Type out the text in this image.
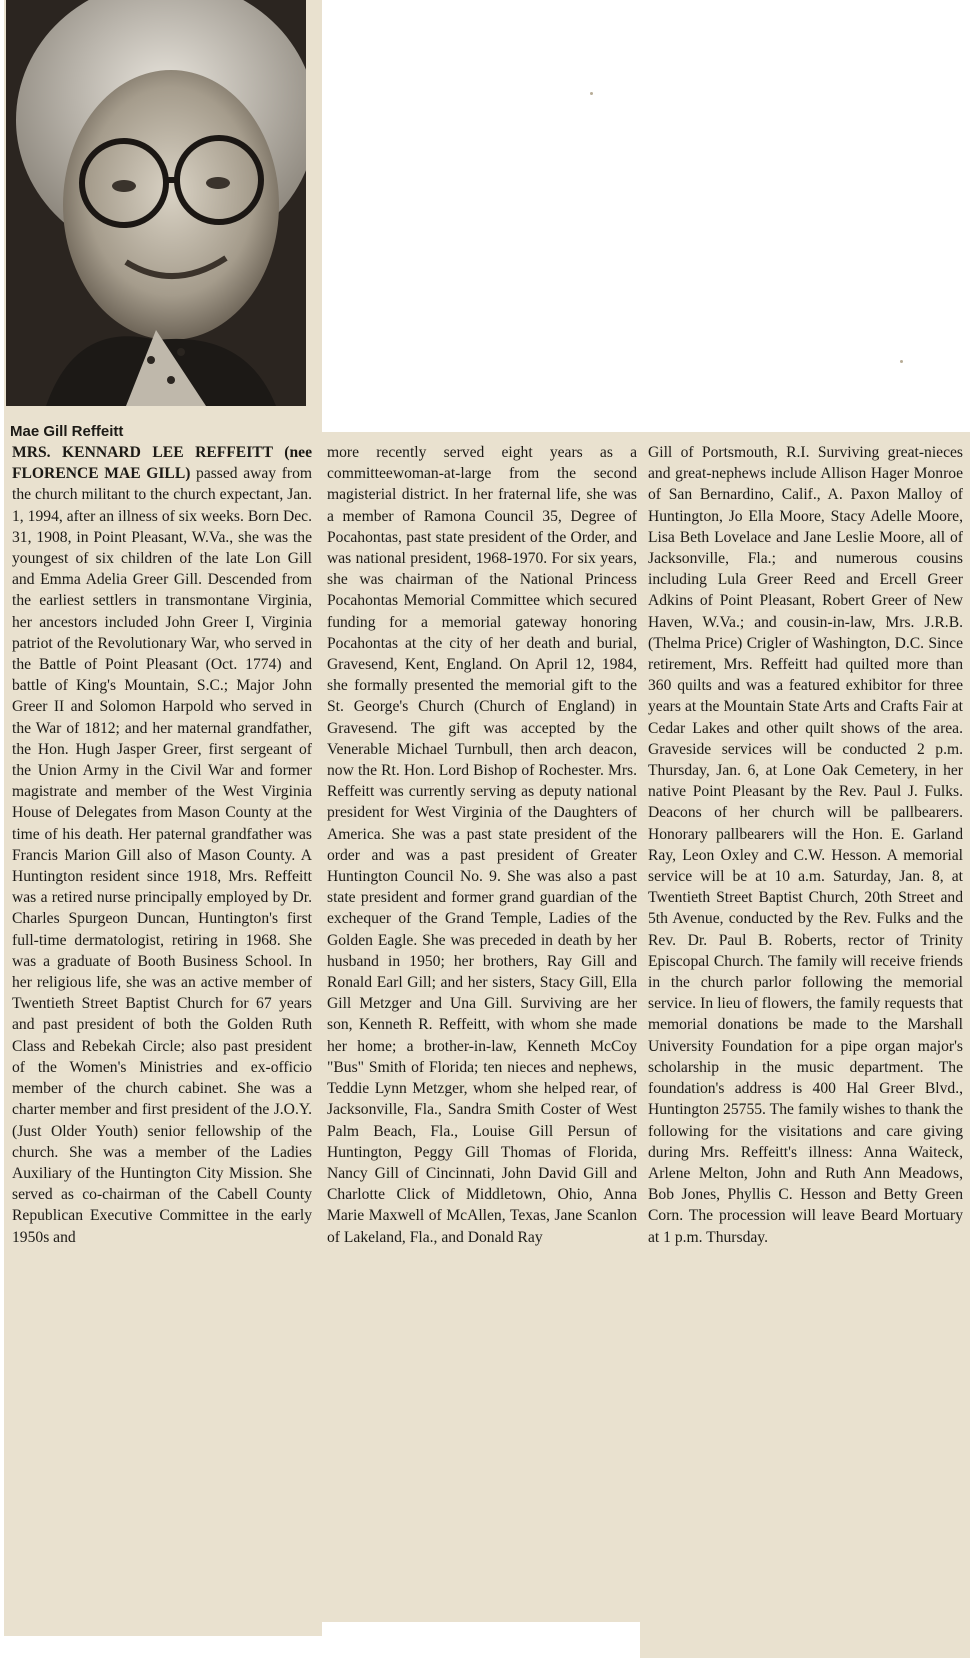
Mae Gill Reffeitt
MRS. KENNARD LEE REFFEITT (nee FLORENCE MAE GILL) passed away from the church militant to the church expectant, Jan. 1, 1994, after an illness of six weeks. Born Dec. 31, 1908, in Point Pleasant, W.Va., she was the youngest of six children of the late Lon Gill and Emma Adelia Greer Gill. Descended from the earliest settlers in transmontane Virginia, her ancestors included John Greer I, Virginia patriot of the Revolutionary War, who served in the Battle of Point Pleasant (Oct. 1774) and battle of King's Mountain, S.C.; Major John Greer II and Solomon Harpold who served in the War of 1812; and her maternal grandfather, the Hon. Hugh Jasper Greer, first sergeant of the Union Army in the Civil War and former magistrate and member of the West Virginia House of Delegates from Mason County at the time of his death. Her paternal grandfather was Francis Marion Gill also of Mason County. A Huntington resident since 1918, Mrs. Reffeitt was a retired nurse principally employed by Dr. Charles Spurgeon Duncan, Huntington's first full-time dermatologist, retiring in 1968. She was a graduate of Booth Business School. In her religious life, she was an active member of Twentieth Street Baptist Church for 67 years and past president of both the Golden Ruth Class and Rebekah Circle; also past president of the Women's Ministries and ex-officio member of the church cabinet. She was a charter member and first president of the J.O.Y. (Just Older Youth) senior fellowship of the church. She was a member of the Ladies Auxiliary of the Huntington City Mission. She served as co-chairman of the Cabell County Republican Executive Committee in the early 1950s and
more recently served eight years as a committeewoman-at-large from the second magisterial district. In her fraternal life, she was a member of Ramona Council 35, Degree of Pocahontas, past state president of the Order, and was national president, 1968-1970. For six years, she was chairman of the National Princess Pocahontas Memorial Committee which secured funding for a memorial gateway honoring Pocahontas at the city of her death and burial, Gravesend, Kent, England. On April 12, 1984, she formally presented the memorial gift to the St. George's Church (Church of England) in Gravesend. The gift was accepted by the Venerable Michael Turnbull, then arch deacon, now the Rt. Hon. Lord Bishop of Rochester. Mrs. Reffeitt was currently serving as deputy national president for West Virginia of the Daughters of America. She was a past state president of the order and was a past president of Greater Huntington Council No. 9. She was also a past state president and former grand guardian of the exchequer of the Grand Temple, Ladies of the Golden Eagle. She was preceded in death by her husband in 1950; her brothers, Ray Gill and Ronald Earl Gill; and her sisters, Stacy Gill, Ella Gill Metzger and Una Gill. Surviving are her son, Kenneth R. Reffeitt, with whom she made her home; a brother-in-law, Kenneth McCoy "Bus" Smith of Florida; ten nieces and nephews, Teddie Lynn Metzger, whom she helped rear, of Jacksonville, Fla., Sandra Smith Coster of West Palm Beach, Fla., Louise Gill Persun of Huntington, Peggy Gill Thomas of Florida, Nancy Gill of Cincinnati, John David Gill and Charlotte Click of Middletown, Ohio, Anna Marie Maxwell of McAllen, Texas, Jane Scanlon of Lakeland, Fla., and Donald Ray
Gill of Portsmouth, R.I. Surviving great-nieces and great-nephews include Allison Hager Monroe of San Bernardino, Calif., A. Paxon Malloy of Huntington, Jo Ella Moore, Stacy Adelle Moore, Lisa Beth Lovelace and Jane Leslie Moore, all of Jacksonville, Fla.; and numerous cousins including Lula Greer Reed and Ercell Greer Adkins of Point Pleasant, Robert Greer of New Haven, W.Va.; and cousin-in-law, Mrs. J.R.B. (Thelma Price) Crigler of Washington, D.C. Since retirement, Mrs. Reffeitt had quilted more than 360 quilts and was a featured exhibitor for three years at the Mountain State Arts and Crafts Fair at Cedar Lakes and other quilt shows of the area. Graveside services will be conducted 2 p.m. Thursday, Jan. 6, at Lone Oak Cemetery, in her native Point Pleasant by the Rev. Paul J. Fulks. Deacons of her church will be pallbearers. Honorary pallbearers will the Hon. E. Garland Ray, Leon Oxley and C.W. Hesson. A memorial service will be at 10 a.m. Saturday, Jan. 8, at Twentieth Street Baptist Church, 20th Street and 5th Avenue, conducted by the Rev. Fulks and the Rev. Dr. Paul B. Roberts, rector of Trinity Episcopal Church. The family will receive friends in the church parlor following the memorial service. In lieu of flowers, the family requests that memorial donations be made to the Marshall University Foundation for a pipe organ major's scholarship in the music department. The foundation's address is 400 Hal Greer Blvd., Huntington 25755. The family wishes to thank the following for the visitations and care giving during Mrs. Reffeitt's illness: Anna Waiteck, Arlene Melton, John and Ruth Ann Meadows, Bob Jones, Phyllis C. Hesson and Betty Green Corn. The procession will leave Beard Mortuary at 1 p.m. Thursday.
